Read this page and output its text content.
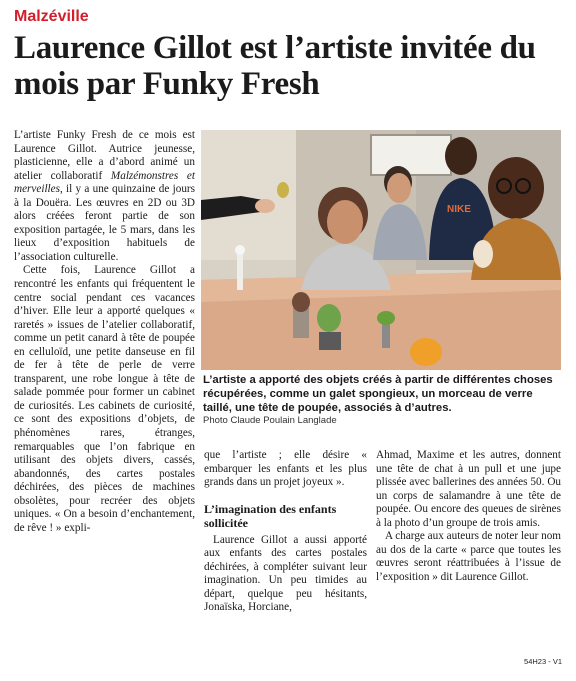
Malzéville
Laurence Gillot est l’artiste invitée du mois par Funky Fresh

L’artiste Funky Fresh de ce mois est Laurence Gillot. Autrice jeunesse, plasticienne, elle a d’abord animé un atelier collaboratif Malzémonstres et merveilles, il y a une quinzaine de jours à la Douëra. Les œuvres en 2D ou 3D alors créées feront partie de son exposition partagée, le 5 mars, dans les lieux d’exposition habituels de l’association culturelle.

Cette fois, Laurence Gillot a rencontré les enfants qui fréquentent le centre social pendant ces vacances d’hiver. Elle leur a apporté quelques « raretés » issues de l’atelier collaboratif, comme un petit canard à tête de poupée en celluloïd, une petite danseuse en fil de fer à tête de perle de verre transparent, une robe longue à tête de salade pommée pour former un cabinet de curiosités. Les cabinets de curiosité, ce sont des expositions d’objets, de phénomènes rares, étranges, remarquables que l’on fabrique en utilisant des objets divers, cassés, abandonnés, des cartes postales déchirées, des pièces de machines obsolètes, pour recréer des objets uniques. « On a besoin d’enchantement, de rêve ! » expli-

NIKE
L’artiste a apporté des objets créés à partir de différentes choses récupérées, comme un galet spongieux, un morceau de verre taillé, une tête de poupée, associés à d’autres.
Photo Claude Poulain Langlade

que l’artiste ; elle désire « embarquer les enfants et les plus grands dans un projet joyeux ».

L’imagination des enfants sollicitée

Laurence Gillot a aussi apporté aux enfants des cartes postales déchirées, à compléter suivant leur imagination. Un peu timides au départ, quelque peu hésitants, Jonaïska, Horciane,

Ahmad, Maxime et les autres, donnent une tête de chat à un pull et une jupe plissée avec ballerines des années 50. Ou un corps de salamandre à une tête de poupée. Ou encore des queues de sirènes à la photo d’un groupe de trois amis.

A charge aux auteurs de noter leur nom au dos de la carte « parce que toutes les œuvres seront réattribuées à l’issue de l’exposition » dit Laurence Gillot.

54H23 - V1
